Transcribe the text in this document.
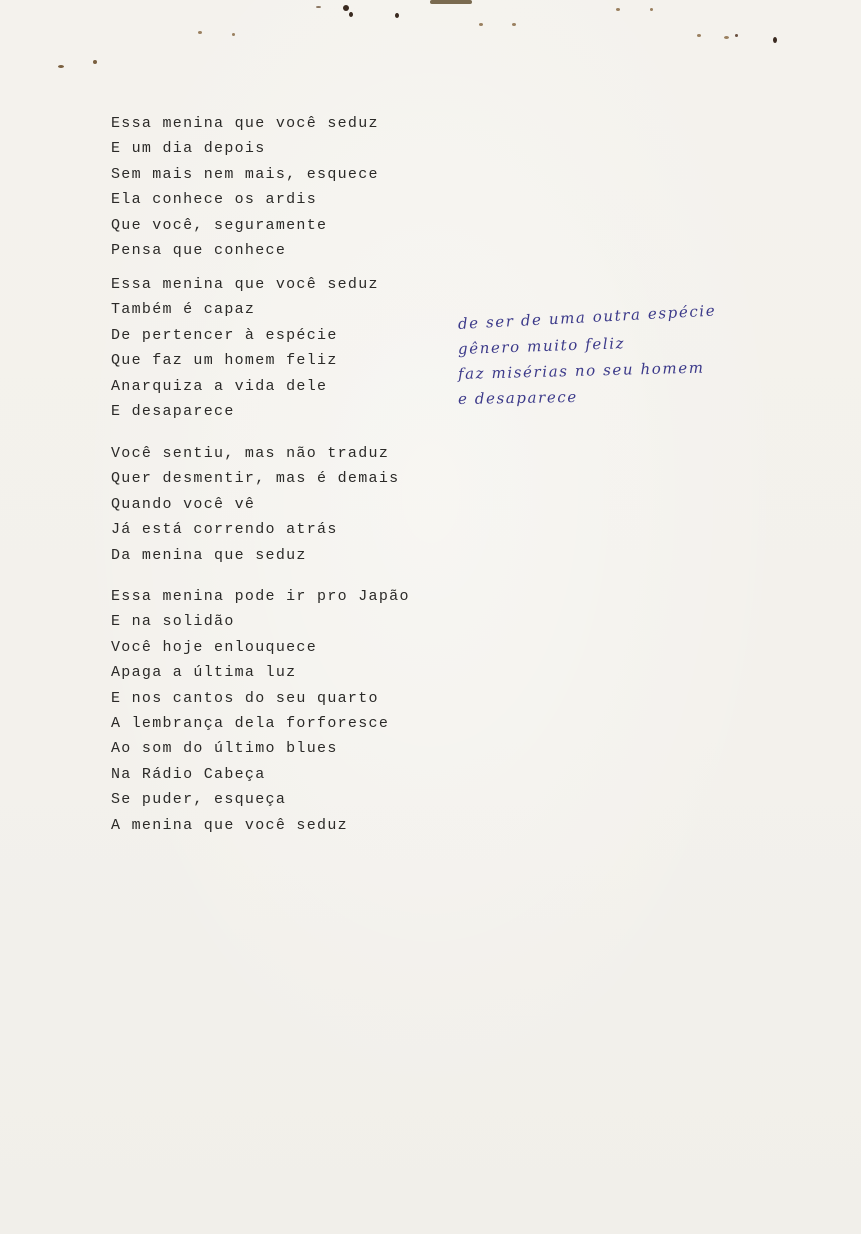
Essa menina que você seduz
E um dia depois
Sem mais nem mais, esquece
Ela conhece os ardis
Que você, seguramente
Pensa que conhece
Essa menina que você seduz
Também é capaz
De pertencer à espécie
Que faz um homem feliz
Anarquiza a vida dele
E desaparece
Você sentiu, mas não traduz
Quer desmentir, mas é demais
Quando você vê
Já está correndo atrás
Da menina que seduz
Essa menina pode ir pro Japão
E na solidão
Você hoje enlouquece
Apaga a última luz
E nos cantos do seu quarto
A lembrança dela forforesce
Ao som do último blues
Na Rádio Cabeça
Se puder, esqueça
A menina que você seduz
de ser de uma outra espécie
gênero muito feliz
faz misérias no seu homem
e desaparece
